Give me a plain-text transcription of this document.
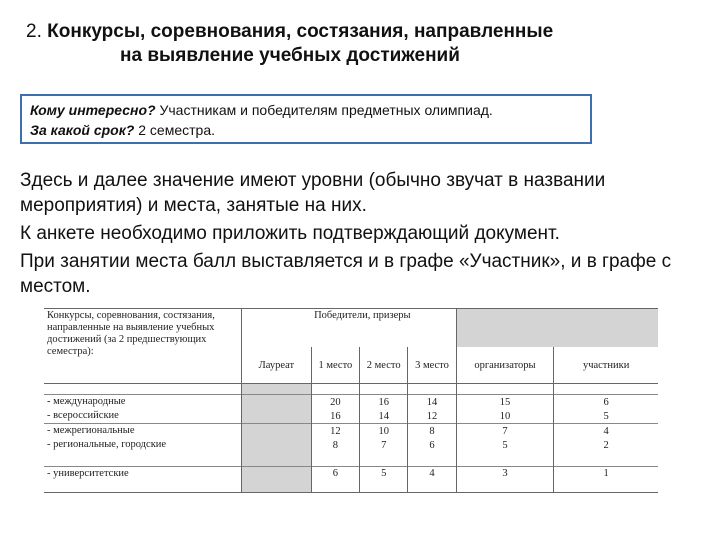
2. Конкурсы, соревнования, состязания, направленные
на выявление учебных достижений
Кому интересно? Участникам и победителям предметных олимпиад.
За какой срок? 2 семестра.

Здесь и далее значение имеют уровни (обычно звучат в названии мероприятия) и места, занятые на них.

К анкете необходимо приложить подтверждающий документ.

При занятии места балл выставляется и в графе «Участник», и в графе с местом.

Конкурсы, соревнования, состязания, направленные на выявление учебных достижений (за 2 предшествующих семестра):	Победители, призеры					
	Лауреат	1 место	2 место	3 место	организаторы	участники

- международные		20	16	14	15	6
- всероссийские		16	14	12	10	5
- межрегиональные		12	10	8	7	4
- региональные, городские		8	7	6	5	2

- университетские		6	5	4	3	1
